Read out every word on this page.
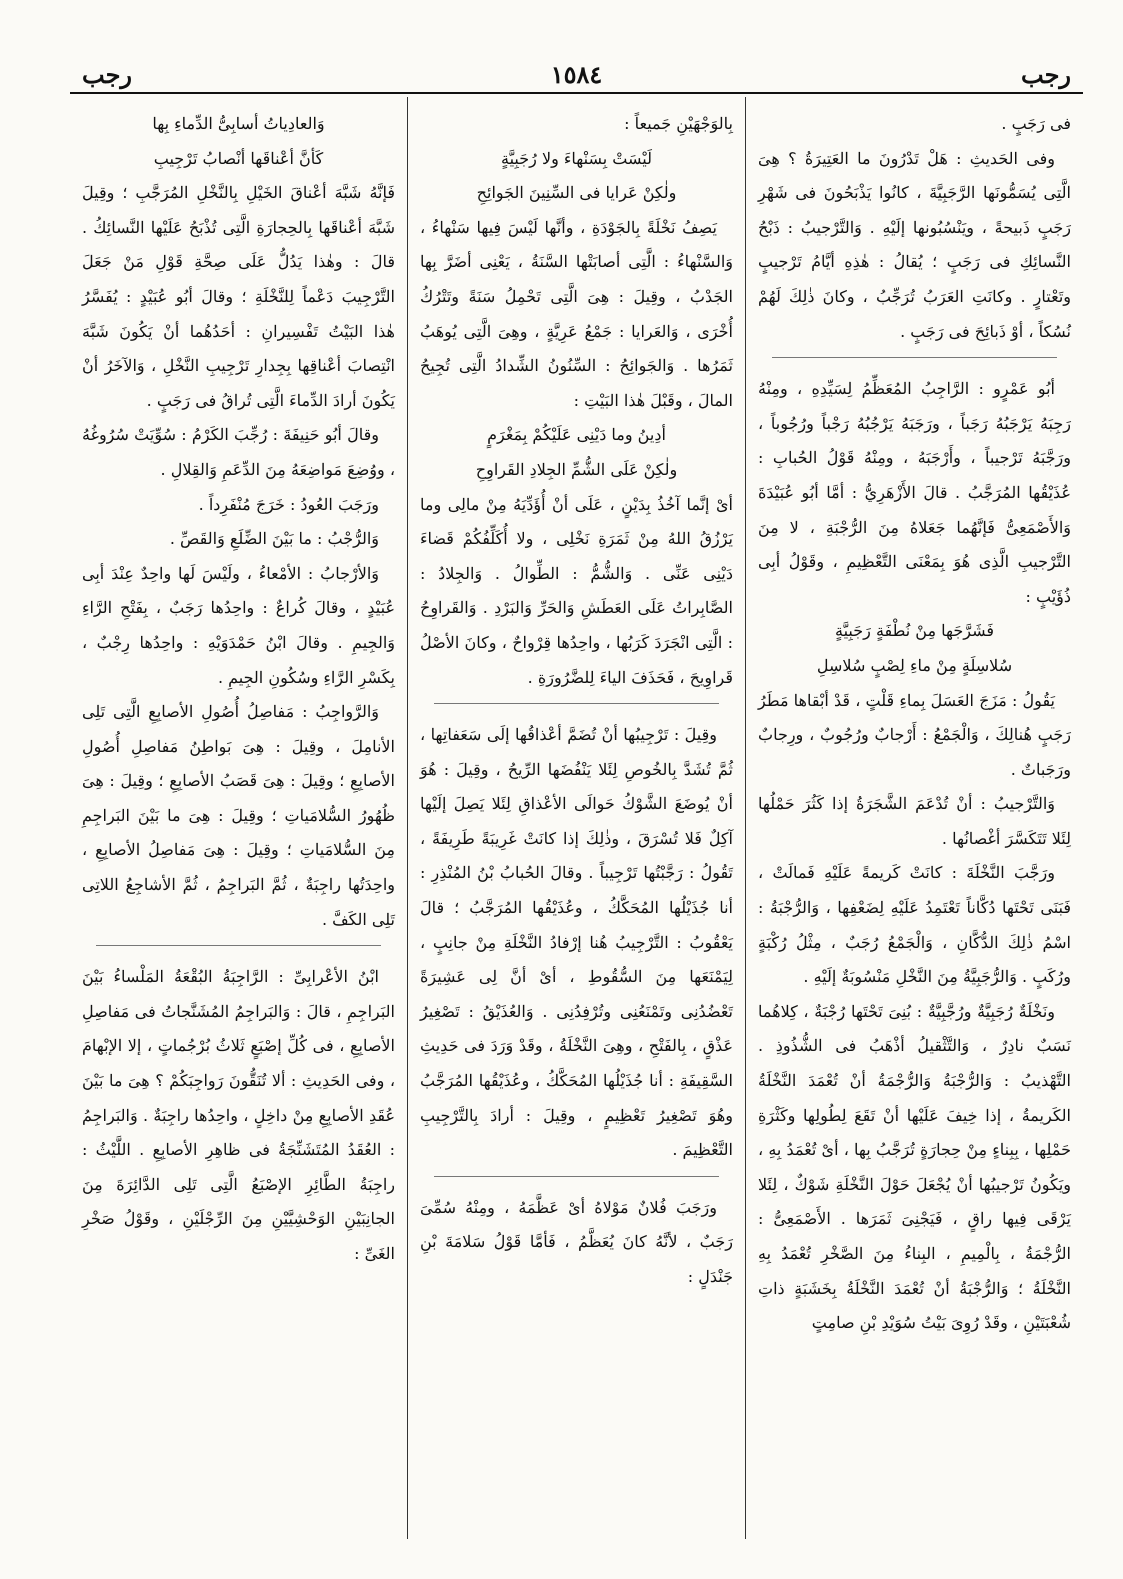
رجب
١٥٨٤
رجب

فى رَجَبٍ .

وفى الحَديثِ : هَلْ تَدْرُونَ ما العَتِيرَةُ ؟ هِىَ الَّتِى يُسَمُّونَها الرَّجَبِيَّةَ ، كانُوا يَذْبَحُونَ فى شَهْرِ رَجَبٍ ذَبيحةً ، ويَنْسُبُونها إلَيْهِ . وَالتَّرْجيبُ : ذَبْحُ النَّسائِكِ فى رَجَبٍ ؛ يُقالُ : هٰذِهِ أيَّامُ تَرْجيبٍ وتَعْتارٍ . وكانَتِ العَرَبُ تُرَجِّبُ ، وكانَ ذٰلِكَ لَهُمْ نُسُكاً ، أوْ ذَبائِحَ فى رَجَبٍ .

أبُو عَمْرٍو : الرَّاجِبُ المُعَظِّمُ لِسَيِّدِهِ ، ومِنْهُ رَجِبَهُ يَرْجَبُهُ رَجَباً ، ورَجَبَهُ يَرْجُبُهُ رَجْباً ورُجُوباً ، ورَجَّبَهُ تَرْجيباً ، وأَرْجَبَهُ ، ومِنْهُ قَوْلُ الحُبابِ : عُذَيْقُها المُرَجَّبُ . قالَ الأَزْهَرِيُّ : أمَّا أبُو عُبَيْدَةَ وَالأَصْمَعِىُّ فَإنَّهُما جَعَلاهُ مِنَ الرُّجْبَةِ ، لا مِنَ التَّرْجيبِ الَّذِى هُوَ بِمَعْنَى التَّعْظِيمِ ، وقَوْلُ أبِى ذُؤَيْبٍ :

فَشَرَّجَها مِنْ نُطْفَةٍ رَجَبِيَّةٍ

سُلاسِلَةٍ مِنْ ماءِ لِصْبٍ سُلاسِلِ

يَقُولُ : مَزَجَ العَسَلَ بِماءِ قَلْتٍ ، قَدْ أبْقاها مَطَرُ رَجَبٍ هُنالِكَ ، وَالْجَمْعُ : أَرْجابٌ ورُجُوبٌ ، ورِجابٌ ورَجَباتٌ .

وَالتَّرْجيبُ : أنْ تُدْعَمَ الشَّجَرَةُ إذا كَثُرَ حَمْلُها لِئَلا تَتَكَسَّرَ أغْصانُها .

ورَجَّبَ النَّخْلَةَ : كانَتْ كَريمةً عَلَيْهِ فَمالَتْ ، فَبَنَى تَحْتَها دُكَّاناً تَعْتَمِدُ عَلَيْهِ لِضَعْفِها ، وَالرُّجْبَةُ : اسْمُ ذٰلِكَ الدُّكَّانِ ، وَالْجَمْعُ رُجَبٌ ، مِثْلُ رُكْبَةٍ ورُكَبٍ . وَالرُّجَبِيَّةُ مِنَ النَّخْلِ مَنْسُوبَةٌ إلَيْهِ .

ونَخْلَةٌ رُجَبِيَّةٌ ورُجَّبِيَّةٌ : بُنِىَ تَحْتَها رُجْبَةٌ ، كِلاهُما نَسَبٌ نادِرٌ ، وَالتَّثْقيلُ أذْهَبُ فى الشُّذُوذِ . التَّهْذيبُ : وَالرُّجْبَةُ وَالرُّجْمَةُ أنْ تُعْمَدَ النَّخْلَةُ الكَريمةُ ، إذا خِيفَ عَلَيْها أنْ تَقَعَ لِطُولِها وكَثْرَةِ حَمْلِها ، بِبِناءٍ مِنْ حِجارَةٍ تُرَجَّبُ بِها ، أىْ تُعْمَدُ بِهِ ، ويَكُونُ تَرْجيبُها أنْ يُجْعَلَ حَوْلَ النَّخْلَةِ شَوْكٌ ، لِئَلا يَرْقَى فِيها راقٍ ، فَيَجْنِىَ ثَمَرَها . الأَصْمَعِىُّ : الرُّجْمَةُ ، بِالْمِيمِ ، البِناءُ مِنَ الصَّخْرِ تُعْمَدُ بِهِ النَّخْلَةُ ؛ وَالرُّجْبَةُ أنْ تُعْمَدَ النَّخْلَةُ بِخَشَبَةٍ ذاتِ شُعْبَتَيْنِ ، وقَدْ رُوِىَ بَيْتُ سُوَيْدِ بْنِ صامِتٍ

بِالوَجْهَيْنِ جَميعاً :

لَيْسَتْ بِسَنْهاءَ ولا رُجَبِيَّةٍ

ولٰكِنْ عَرايا فى السِّنِينَ الجَوائِحِ

يَصِفُ نَخْلَةً بِالجَوْدَةِ ، وأنَّها لَيْسَ فِيها سَنْهاءُ ، وَالسَّنْهاءُ : الَّتِى أصابَتْها السَّنَةُ ، يَعْنِى أضَرَّ بِها الجَدْبُ ، وقِيلَ : هِىَ الَّتِى تَحْمِلُ سَنَةً وتَتْرُكُ أُخْرَى ، وَالعَرايا : جَمْعُ عَرِيَّةٍ ، وهِىَ الَّتِى يُوهَبُ ثَمَرُها . وَالجَوائِحُ : السِّنُونُ الشِّدادُ الَّتِى تُجِيحُ المالَ ، وقَبْلَ هٰذا البَيْتِ :

أدِينُ وما دَيْنِى عَلَيْكُمْ بِمَغْرَمٍ

ولٰكِنْ عَلَى الشُّمِّ الجِلادِ القَراوِحِ

أىْ إنَّما آخُذُ بِدَيْنٍ ، عَلَى أنْ أُؤَدِّيَهُ مِنْ مالِى وما يَرْزُقُ اللهُ مِنْ ثَمَرَةِ نَخْلِى ، ولا أُكَلِّفُكُمْ قَضاءَ دَيْنِى عَنِّى . وَالشُّمُّ : الطِّوالُ . وَالجِلادُ : الصَّابِراتُ عَلَى العَطَشِ وَالحَرِّ وَالبَرْدِ . وَالقَراوِحُ : الَّتِى انْجَرَدَ كَرَبُها ، واحِدُها قِرْواحٌ ، وكانَ الأصْلُ قَراوِيحَ ، فَحَذَفَ الياءَ لِلضَّرُورَةِ .

وقِيلَ : تَرْجِيبُها أنْ تُضَمَّ أعْذاقُها إلَى سَعَفاتِها ، ثُمَّ تُشَدَّ بِالخُوصِ لِئَلا يَنْفُضَها الرِّيحُ ، وقِيلَ : هُوَ أنْ يُوضَعَ الشَّوْكُ حَوالَى الأعْذاقِ لِئَلا يَصِلَ إلَيْها آكِلٌ فَلا تُسْرَقَ ، وذٰلِكَ إذا كانَتْ غَرِيبَةً طَرِيفَةً ، تَقُولُ : رَجَّبْتُها تَرْجِيباً . وقالَ الحُبابُ بْنُ المُنْذِرِ : أنا جُذَيْلُها المُحَكَّكُ ، وعُذَيْقُها المُرَجَّبُ ؛ قالَ يَعْقُوبُ : التَّرْجِيبُ هُنا إرْفادُ النَّخْلَةِ مِنْ جانِبٍ ، لِيَمْنَعَها مِنَ السُّقُوطِ ، أىْ أنَّ لِى عَشِيرَةً تَعْضُدُنِى وتَمْنَعُنِى وتُرْفِدُنِى . وَالعُذَيْقُ : تَصْغِيرُ عَذْقٍ ، بِالفَتْحِ ، وهِىَ النَّخْلَةُ ، وقَدْ وَرَدَ فى حَدِيثِ السَّقِيفَةِ : أنا جُذَيْلُها المُحَكَّكُ ، وعُذَيْقُها المُرَجَّبُ وهُوَ تَصْغِيرُ تَعْظِيمٍ ، وقِيلَ : أرادَ بِالتَّرْجِيبِ التَّعْظِيمَ .

ورَجَبَ فُلانٌ مَوْلاهُ أىْ عَظَّمَهُ ، ومِنْهُ سُمِّىَ رَجَبٌ ، لأنَّهُ كانَ يُعَظَّمُ ، فَأمَّا قَوْلُ سَلامَةَ بْنِ جَنْدَلٍ :

وَالعادِياتُ أسابِىُّ الدِّماءِ بِها

كَأنَّ أعْناقَها أنْصابُ تَرْجِيبِ

فَإنَّهُ شَبَّهَ أعْناقَ الخَيْلِ بِالنَّخْلِ المُرَجَّبِ ؛ وقِيلَ شَبَّهَ أعْناقَها بِالحِجارَةِ الَّتِى تُذْبَحُ عَلَيْها النَّسائِكُ . قالَ : وهٰذا يَدُلُّ عَلَى صِحَّةِ قَوْلِ مَنْ جَعَلَ التَّرْجِيبَ دَعْماً لِلنَّخْلَةِ ؛ وقالَ أبُو عُبَيْدٍ : يُفَسَّرُ هٰذا البَيْتُ تَفْسِيرانِ : أحَدُهُما أنْ يَكُونَ شَبَّهَ انْتِصابَ أعْناقِها بِجِدارِ تَرْجِيبِ النَّخْلِ ، وَالآخَرُ أنْ يَكُونَ أرادَ الدِّماءَ الَّتِى تُراقُ فى رَجَبٍ .

وقالَ أبُو حَنِيفَةَ : رُجِّبَ الكَرْمُ : سُوِّيَتْ سُرُوغُهُ ، ووُضِعَ مَواضِعَهُ مِنَ الدِّعَمِ وَالقِلالِ .

ورَجَبَ العُودُ : خَرَجَ مُنْفَرِداً .

وَالرُّجْبُ : ما بَيْنَ الضِّلَعِ وَالقَصِّ .

وَالأرْجابُ : الأمْعاءُ ، ولَيْسَ لَها واحِدٌ عِنْدَ أبِى عُبَيْدٍ ، وقالَ كُراعٌ : واحِدُها رَجَبٌ ، بِفَتْحِ الرَّاءِ وَالجِيمِ . وقالَ ابْنُ حَمْدَوَيْهِ : واحِدُها رِجْبٌ ، بِكَسْرِ الرَّاءِ وسُكُونِ الجِيمِ .

وَالرَّواجِبُ : مَفاصِلُ أُصُولِ الأصابِعِ الَّتِى تَلِى الأنامِلَ ، وقِيلَ : هِىَ بَواطِنُ مَفاصِلِ أُصُولِ الأصابِعِ ؛ وقِيلَ : هِىَ قَصَبُ الأصابِعِ ؛ وقِيلَ : هِىَ ظُهُورُ السُّلامَياتِ ؛ وقِيلَ : هِىَ ما بَيْنَ البَراجِمِ مِنَ السُّلامَياتِ ؛ وقِيلَ : هِىَ مَفاصِلُ الأصابِعِ ، واحِدَتُها راجِبَةٌ ، ثُمَّ البَراجِمُ ، ثُمَّ الأشاجِعُ اللاتِى تَلِى الكَفَّ .

ابْنُ الأعْرابِىِّ : الرَّاجِبَةُ البُقْعَةُ المَلْساءُ بَيْنَ البَراجِمِ ، قالَ : وَالبَراجِمُ المُشَنَّجاتُ فى مَفاصِلِ الأصابِعِ ، فى كُلِّ إصْبَعٍ ثَلاثُ بُرْجُماتٍ ، إلا الإبْهامَ ، وفى الحَدِيثِ : ألا تُنَقُّونَ رَواجِبَكُمْ ؟ هِىَ ما بَيْنَ عُقَدِ الأصابِعِ مِنْ داخِلٍ ، واحِدُها راجِبَةٌ . وَالبَراجِمُ : العُقَدُ المُتَشَنِّجَةُ فى ظاهِرِ الأصابِعِ . اللَّيْثُ : راجِبَةُ الطَّائِرِ الإصْبَعُ الَّتِى تَلِى الدَّائِرَةَ مِنَ الجانِبَيْنِ الوَحْشِيَّيْنِ مِنَ الرِّجْلَيْنِ ، وقَوْلُ صَخْرِ الغَىِّ :
